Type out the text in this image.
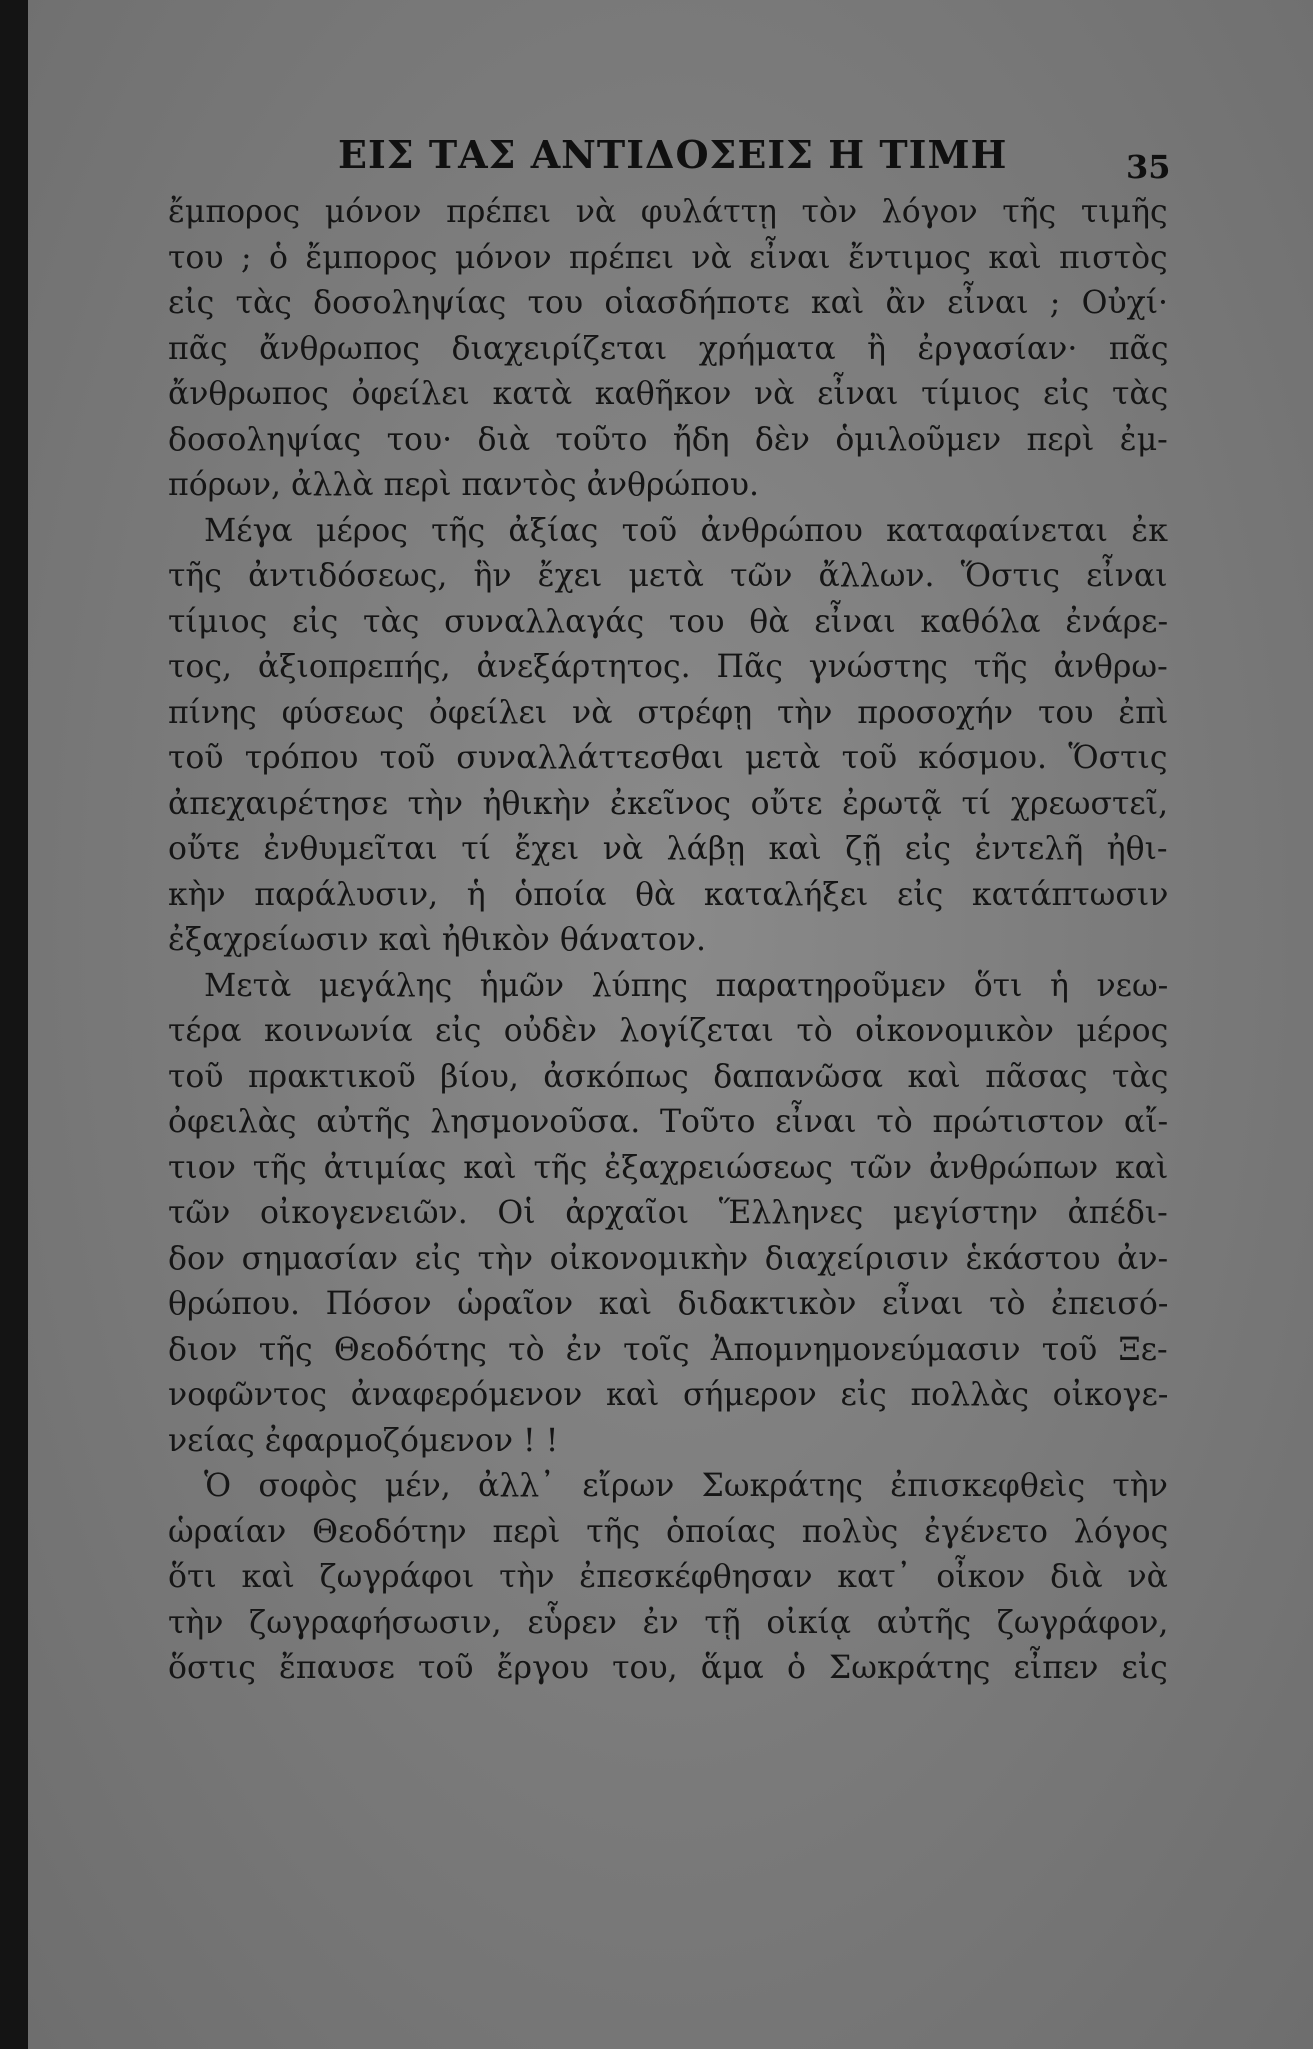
ΕΙΣ ΤΑΣ ΑΝΤΙΔΟΣΕΙΣ Η ΤΙΜΗ	35
ἔμπορος μόνον πρέπει νὰ φυλάττῃ τὸν λόγον τῆς τιμῆς
του ; ὁ ἔμπορος μόνον πρέπει νὰ εἶναι ἔντιμος καὶ πιστὸς
εἰς τὰς δοσοληψίας του οἱασδήποτε καὶ ἂν εἶναι ; Οὐχί·
πᾶς ἄνθρωπος διαχειρίζεται χρήματα ἢ ἐργασίαν· πᾶς
ἄνθρωπος ὀφείλει κατὰ καθῆκον νὰ εἶναι τίμιος εἰς τὰς
δοσοληψίας του· διὰ τοῦτο ἤδη δὲν ὁμιλοῦμεν περὶ ἐμ-
πόρων, ἀλλὰ περὶ παντὸς ἀνθρώπου.
Μέγα μέρος τῆς ἀξίας τοῦ ἀνθρώπου καταφαίνεται ἐκ
τῆς ἀντιδόσεως, ἣν ἔχει μετὰ τῶν ἄλλων. Ὅστις εἶναι
τίμιος εἰς τὰς συναλλαγάς του θὰ εἶναι καθόλα ἐνάρε-
τος, ἀξιοπρεπής, ἀνεξάρτητος. Πᾶς γνώστης τῆς ἀνθρω-
πίνης φύσεως ὀφείλει νὰ στρέφῃ τὴν προσοχήν του ἐπὶ
τοῦ τρόπου τοῦ συναλλάττεσθαι μετὰ τοῦ κόσμου. Ὅστις
ἀπεχαιρέτησε τὴν ἠθικὴν ἐκεῖνος οὔτε ἐρωτᾷ τί χρεωστεῖ,
οὔτε ἐνθυμεῖται τί ἔχει νὰ λάβῃ καὶ ζῇ εἰς ἐντελῆ ἠθι-
κὴν παράλυσιν, ἡ ὁποία θὰ καταλήξει εἰς κατάπτωσιν
ἐξαχρείωσιν καὶ ἠθικὸν θάνατον.
Μετὰ μεγάλης ἡμῶν λύπης παρατηροῦμεν ὅτι ἡ νεω-
τέρα κοινωνία εἰς οὐδὲν λογίζεται τὸ οἰκονομικὸν μέρος
τοῦ πρακτικοῦ βίου, ἀσκόπως δαπανῶσα καὶ πᾶσας τὰς
ὀφειλὰς αὐτῆς λησμονοῦσα. Τοῦτο εἶναι τὸ πρώτιστον αἴ-
τιον τῆς ἀτιμίας καὶ τῆς ἐξαχρειώσεως τῶν ἀνθρώπων καὶ
τῶν οἰκογενειῶν. Οἱ ἀρχαῖοι Ἕλληνες μεγίστην ἀπέδι-
δον σημασίαν εἰς τὴν οἰκονομικὴν διαχείρισιν ἑκάστου ἀν-
θρώπου. Πόσον ὡραῖον καὶ διδακτικὸν εἶναι τὸ ἐπεισό-
διον τῆς Θεοδότης τὸ ἐν τοῖς Ἀπομνημονεύμασιν τοῦ Ξε-
νοφῶντος ἀναφερόμενον καὶ σήμερον εἰς πολλὰς οἰκογε-
νείας ἐφαρμοζόμενον ! !
Ὁ σοφὸς μέν, ἀλλ᾽ εἴρων Σωκράτης ἐπισκεφθεὶς τὴν
ὡραίαν Θεοδότην περὶ τῆς ὁποίας πολὺς ἐγένετο λόγος
ὅτι καὶ ζωγράφοι τὴν ἐπεσκέφθησαν κατ᾽ οἶκον διὰ νὰ
τὴν ζωγραφήσωσιν, εὗρεν ἐν τῇ οἰκίᾳ αὐτῆς ζωγράφον,
ὅστις ἔπαυσε τοῦ ἔργου του, ἅμα ὁ Σωκράτης εἶπεν εἰς
